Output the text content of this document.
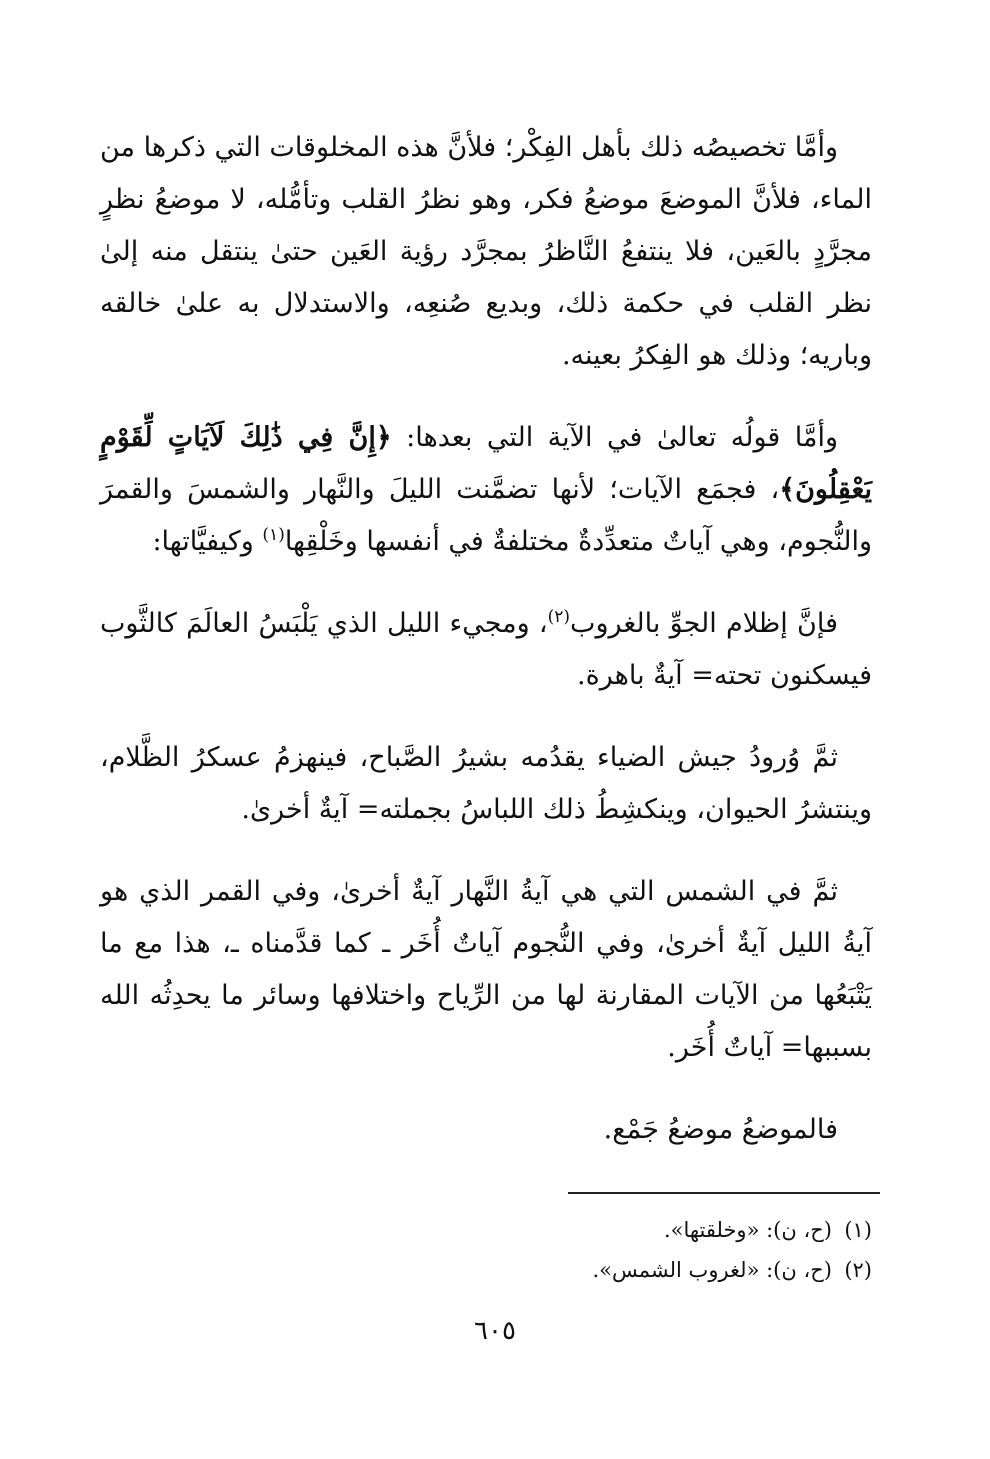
وأمَّا تخصيصُه ذلك بأهل الفِكْر؛ فلأنَّ هذه المخلوقات التي ذكرها من الماء، فلأنَّ الموضعَ موضعُ فكر، وهو نظرُ القلب وتأمُّله، لا موضعُ نظرٍ مجرَّدٍ بالعَين، فلا ينتفعُ النَّاظرُ بمجرَّد رؤية العَين حتىٰ ينتقل منه إلىٰ نظر القلب في حكمة ذلك، وبديع صُنعِه، والاستدلال به علىٰ خالقه وباريه؛ وذلك هو الفِكرُ بعينه.

وأمَّا قولُه تعالىٰ في الآية التي بعدها: ﴿إِنَّ فِي ذَٰلِكَ لَآيَاتٍ لِّقَوْمٍ يَعْقِلُونَ﴾، فجمَع الآيات؛ لأنها تضمَّنت الليلَ والنَّهار والشمسَ والقمرَ والنُّجوم، وهي آياتٌ متعدِّدةٌ مختلفةٌ في أنفسها وخَلْقِها$^{(١)}$ وكيفيَّاتها:

فإنَّ إظلام الجوِّ بالغروب$^{(٢)}$، ومجيء الليل الذي يَلْبَسُ العالَمَ كالثَّوب فيسكنون تحته= آيةٌ باهرة.

ثمَّ وُرودُ جيش الضياء يقدُمه بشيرُ الصَّباح، فينهزمُ عسكرُ الظَّلام، وينتشرُ الحيوان، وينكشِطُ ذلك اللباسُ بجملته= آيةٌ أخرىٰ.

ثمَّ في الشمس التي هي آيةُ النَّهار آيةٌ أخرىٰ، وفي القمر الذي هو آيةُ الليل آيةٌ أخرىٰ، وفي النُّجوم آياتٌ أُخَر ـ كما قدَّمناه ـ، هذا مع ما يَتْبَعُها من الآيات المقارنة لها من الرِّياح واختلافها وسائر ما يحدِثُه الله بسببها= آياتٌ أُخَر.

فالموضعُ موضعُ جَمْع.

(١)(ح، ن): «وخلقتها».

(٢)(ح، ن): «لغروب الشمس».

٦٠٥
